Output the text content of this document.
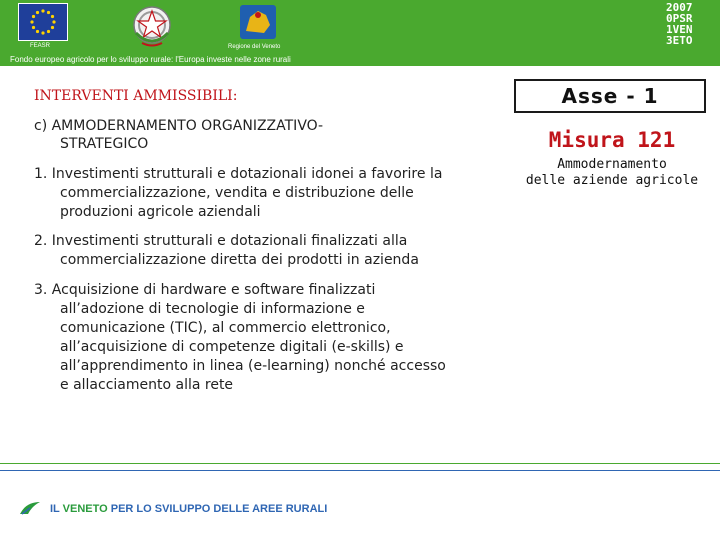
FEASR	Regione del Veneto
2007
0PSR
1VEN
3ETO
Fondo europeo agricolo per lo sviluppo rurale: l'Europa investe nelle zone rurali
INTERVENTI AMMISSIBILI:
c) AMMODERNAMENTO ORGANIZZATIVO-
STRATEGICO
1. Investimenti strutturali e dotazionali idonei a favorire la
commercializzazione, vendita e distribuzione delle
produzioni agricole aziendali
2. Investimenti strutturali e dotazionali finalizzati alla
commercializzazione diretta dei prodotti in azienda
3. Acquisizione di hardware e software finalizzati
all’adozione di tecnologie di informazione e
comunicazione (TIC), al commercio elettronico,
all’acquisizione di competenze digitali (e-skills) e
all’apprendimento in linea (e-learning) nonché accesso
e allacciamento alla rete
Asse - 1
Misura 121
Ammodernamento
delle aziende agricole
IL VENETO PER LO SVILUPPO DELLE AREE RURALI
